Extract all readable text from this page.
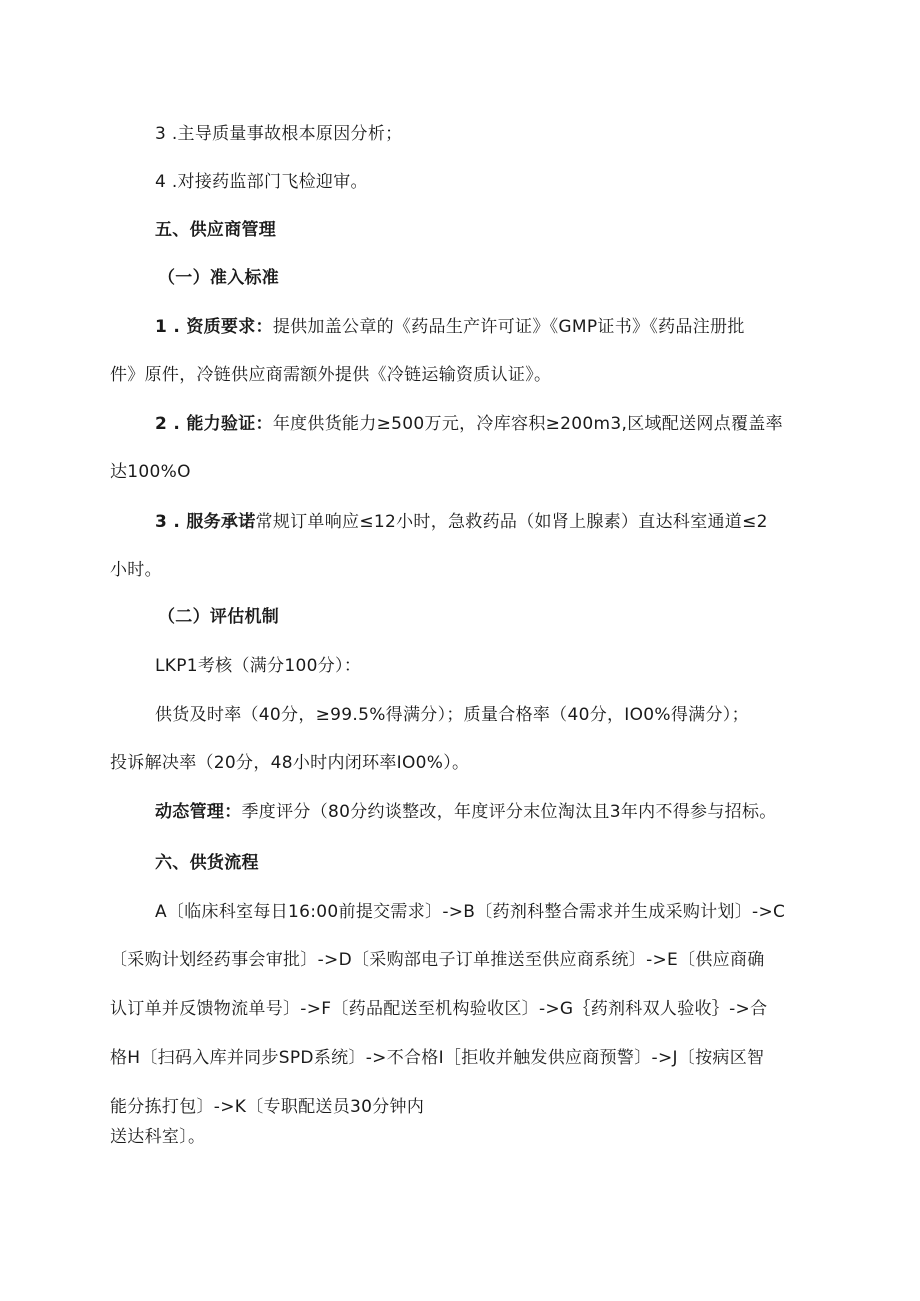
3 .主导质量事故根本原因分析；
4 .对接药监部门飞检迎审。
五、供应商管理
（一）准入标准
1 . 资质要求：提供加盖公章的《药品生产许可证》《GMP证书》《药品注册批
件》原件，冷链供应商需额外提供《冷链运输资质认证》。
2 . 能力验证：年度供货能力≥500万元，冷库容积≥200m3,区域配送网点覆盖率
达100%O
3 . 服务承诺常规订单响应≤12小时，急救药品（如肾上腺素）直达科室通道≤2
小时。
（二）评估机制
LKP1考核（满分100分）：
供货及时率（40分，≥99.5%得满分）；质量合格率（40分，IO0%得满分）；
投诉解决率（20分，48小时内闭环率IO0%）。
动态管理：季度评分（80分约谈整改，年度评分末位淘汰且3年内不得参与招标。
六、供货流程
A〔临床科室每日16:00前提交需求〕->B〔药剂科整合需求并生成采购计划〕->C
〔采购计划经药事会审批〕->D〔采购部电子订单推送至供应商系统〕->E〔供应商确
认订单并反馈物流单号〕->F〔药品配送至机构验收区〕->G｛药剂科双人验收｝->合
格H〔扫码入库并同步SPD系统〕->不合格I［拒收并触发供应商预警〕->J〔按病区智
能分拣打包〕->K〔专职配送员30分钟内
送达科室〕。
